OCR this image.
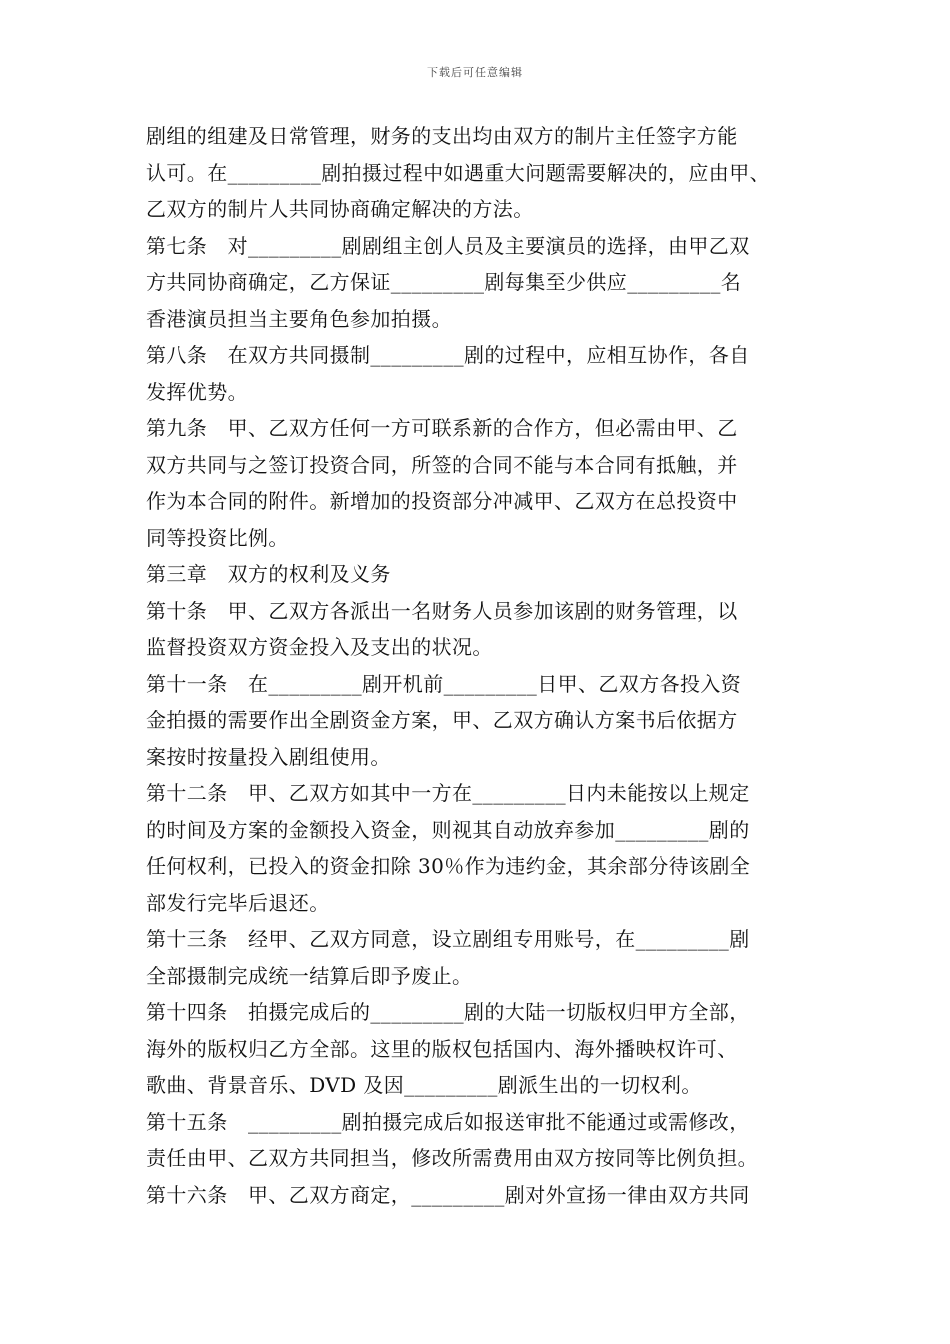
下载后可任意编辑
剧组的组建及日常管理，财务的支出均由双方的制片主任签字方能
认可。在_________剧拍摄过程中如遇重大问题需要解决的，应由甲、
乙双方的制片人共同协商确定解决的方法。
第七条　对_________剧剧组主创人员及主要演员的选择，由甲乙双
方共同协商确定，乙方保证_________剧每集至少供应_________名
香港演员担当主要角色参加拍摄。
第八条　在双方共同摄制_________剧的过程中，应相互协作，各自
发挥优势。
第九条　甲、乙双方任何一方可联系新的合作方，但必需由甲、乙
双方共同与之签订投资合同，所签的合同不能与本合同有抵触，并
作为本合同的附件。新增加的投资部分冲减甲、乙双方在总投资中
同等投资比例。
第三章　双方的权利及义务
第十条　甲、乙双方各派出一名财务人员参加该剧的财务管理，以
监督投资双方资金投入及支出的状况。
第十一条　在_________剧开机前_________日甲、乙双方各投入资
金拍摄的需要作出全剧资金方案，甲、乙双方确认方案书后依据方
案按时按量投入剧组使用。
第十二条　甲、乙双方如其中一方在_________日内未能按以上规定
的时间及方案的金额投入资金，则视其自动放弃参加_________剧的
任何权利，已投入的资金扣除 30％作为违约金，其余部分待该剧全
部发行完毕后退还。
第十三条　经甲、乙双方同意，设立剧组专用账号，在_________剧
全部摄制完成统一结算后即予废止。
第十四条　拍摄完成后的_________剧的大陆一切版权归甲方全部，
海外的版权归乙方全部。这里的版权包括国内、海外播映权许可、
歌曲、背景音乐、DVD 及因_________剧派生出的一切权利。
第十五条　_________剧拍摄完成后如报送审批不能通过或需修改，
责任由甲、乙双方共同担当，修改所需费用由双方按同等比例负担。
第十六条　甲、乙双方商定，_________剧对外宣扬一律由双方共同
